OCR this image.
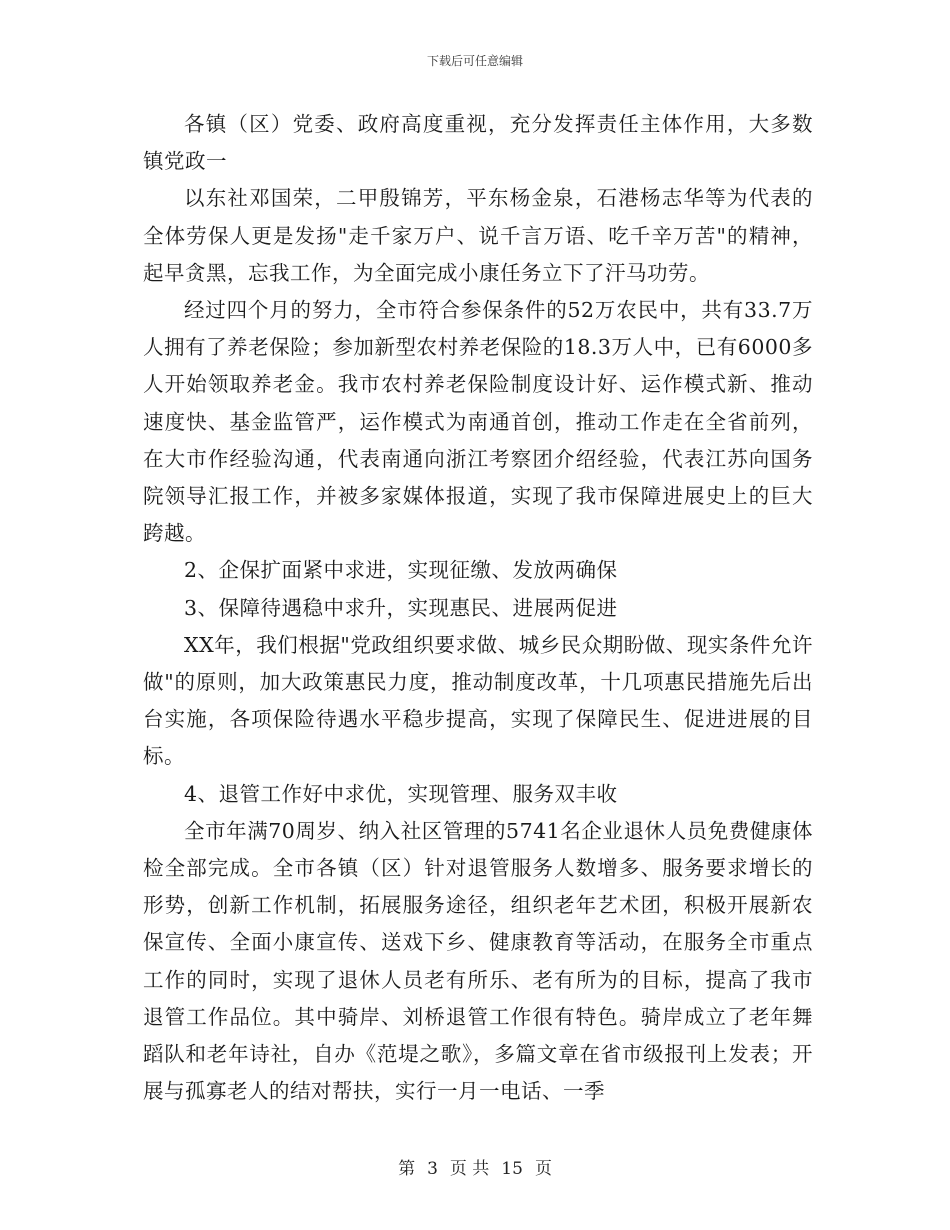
下载后可任意编辑

各镇（区）党委、政府高度重视，充分发挥责任主体作用，大多数镇党政一

以东社邓国荣，二甲殷锦芳，平东杨金泉，石港杨志华等为代表的全体劳保人更是发扬"走千家万户、说千言万语、吃千辛万苦"的精神，起早贪黑，忘我工作，为全面完成小康任务立下了汗马功劳。

经过四个月的努力，全市符合参保条件的52万农民中，共有33.7万人拥有了养老保险；参加新型农村养老保险的18.3万人中，已有6000多人开始领取养老金。我市农村养老保险制度设计好、运作模式新、推动速度快、基金监管严，运作模式为南通首创，推动工作走在全省前列，在大市作经验沟通，代表南通向浙江考察团介绍经验，代表江苏向国务院领导汇报工作，并被多家媒体报道，实现了我市保障进展史上的巨大跨越。

2、企保扩面紧中求进，实现征缴、发放两确保

3、保障待遇稳中求升，实现惠民、进展两促进

XX年，我们根据"党政组织要求做、城乡民众期盼做、现实条件允许做"的原则，加大政策惠民力度，推动制度改革，十几项惠民措施先后出台实施，各项保险待遇水平稳步提高，实现了保障民生、促进进展的目标。

4、退管工作好中求优，实现管理、服务双丰收

全市年满70周岁、纳入社区管理的5741名企业退休人员免费健康体检全部完成。全市各镇（区）针对退管服务人数增多、服务要求增长的形势，创新工作机制，拓展服务途径，组织老年艺术团，积极开展新农保宣传、全面小康宣传、送戏下乡、健康教育等活动，在服务全市重点工作的同时，实现了退休人员老有所乐、老有所为的目标，提高了我市退管工作品位。其中骑岸、刘桥退管工作很有特色。骑岸成立了老年舞蹈队和老年诗社，自办《范堤之歌》，多篇文章在省市级报刊上发表；开展与孤寡老人的结对帮扶，实行一月一电话、一季

第 3 页 共 15 页
